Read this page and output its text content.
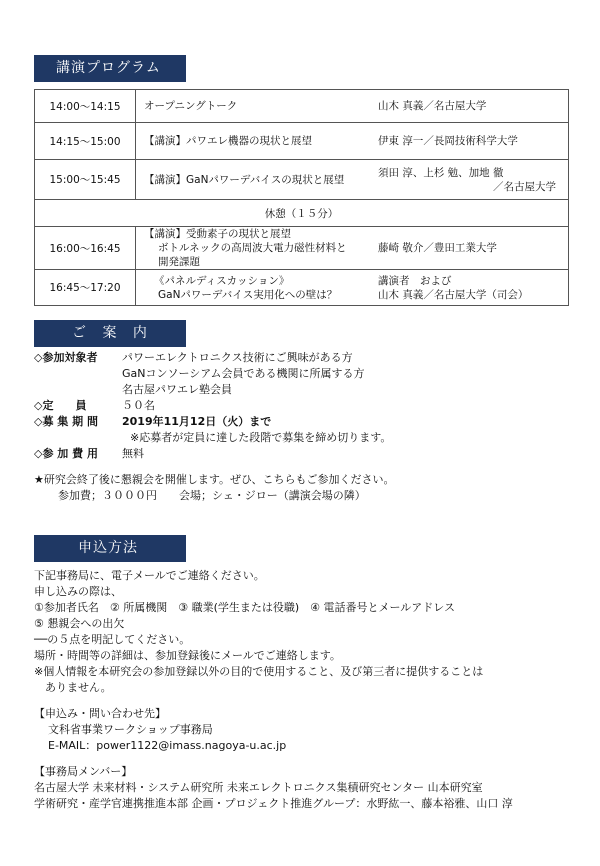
講演プログラム
14:00～14:15	オープニングトーク	山木 真義／名古屋大学

14:15～15:00	【講演】パワエレ機器の現状と展望	伊東 淳一／長岡技術科学大学

15:00～15:45	【講演】GaNパワーデバイスの現状と展望	須田 淳、上杉 勉、加地 徹
／名古屋大学

休憩（１５分）		
16:00～16:45	【講演】受動素子の現状と展望
ボトルネックの高周波大電力磁性材料と
開発課題	藤崎 敬介／豊田工業大学

16:45～17:20	《パネルディスカッション》
GaNパワーデバイス実用化への壁は？	講演者　および
山木 真義／名古屋大学（司会）
ご 案 内
◇参加対象者 パワーエレクトロニクス技術にご興味がある方
GaNコンソーシアム会員である機関に所属する方
名古屋パワエレ塾会員
◇定　　員	５０名
◇募 集 期 間 2019年11月12日（火）まで
※応募者が定員に達した段階で募集を締め切ります。
◇参 加 費 用 無料
★研究会終了後に懇親会を開催します。ぜひ、こちらもご参加ください。
参加費；３０００円　　会場；シェ・ジロー（講演会場の隣）
申込方法
下記事務局に、電子メールでご連絡ください。
申し込みの際は、
①参加者氏名　② 所属機関　③ 職業(学生または役職)　④ 電話番号とメールアドレス
⑤ 懇親会への出欠
──の５点を明記してください。
場所・時間等の詳細は、参加登録後にメールでご連絡します。
※個人情報を本研究会の参加登録以外の目的で使用すること、及び第三者に提供することは
　ありません。
【申込み・問い合わせ先】
文科省事業ワークショップ事務局
E-MAIL：power1122@imass.nagoya-u.ac.jp
【事務局メンバー】
名古屋大学 未来材料・システム研究所 未来エレクトロニクス集積研究センター 山本研究室
学術研究・産学官連携推進本部 企画・プロジェクト推進グループ：水野紘一、藤本裕雅、山口 淳
